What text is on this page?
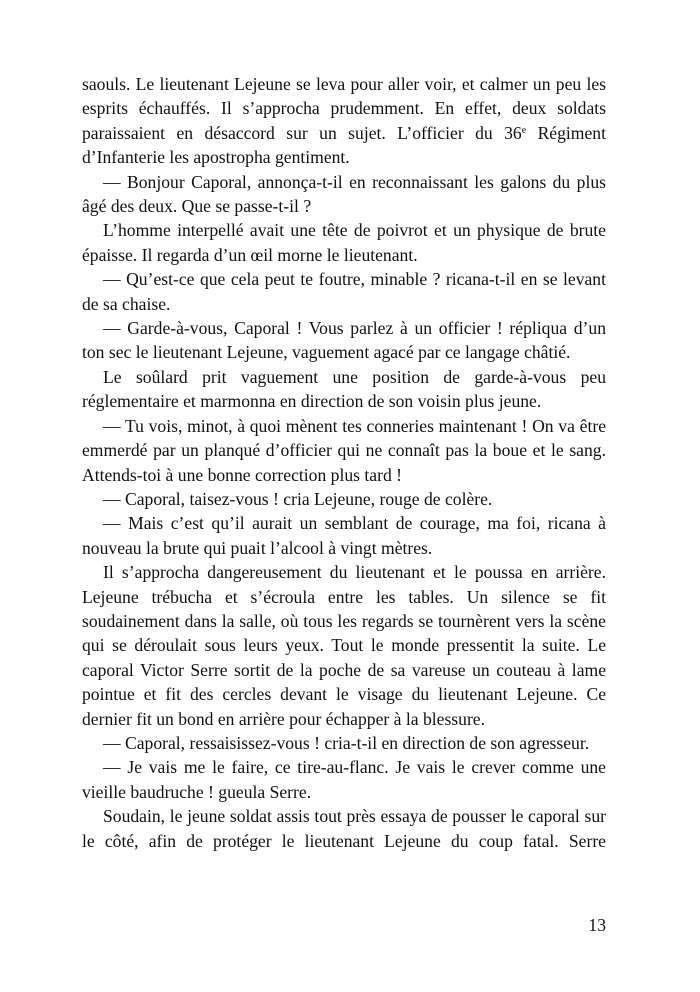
saouls. Le lieutenant Lejeune se leva pour aller voir, et calmer un peu les esprits échauffés. Il s’approcha prudemment. En effet, deux soldats paraissaient en désaccord sur un sujet. L’officier du 36e Régiment d’Infanterie les apostropha gentiment.

— Bonjour Caporal, annonça-t-il en reconnaissant les galons du plus âgé des deux. Que se passe-t-il ?

L’homme interpellé avait une tête de poivrot et un physique de brute épaisse. Il regarda d’un œil morne le lieutenant.

— Qu’est-ce que cela peut te foutre, minable ? ricana-t-il en se levant de sa chaise.

— Garde-à-vous, Caporal ! Vous parlez à un officier ! répliqua d’un ton sec le lieutenant Lejeune, vaguement agacé par ce langage châtié.

Le soûlard prit vaguement une position de garde-à-vous peu réglementaire et marmonna en direction de son voisin plus jeune.

— Tu vois, minot, à quoi mènent tes conneries maintenant ! On va être emmerdé par un planqué d’officier qui ne connaît pas la boue et le sang. Attends-toi à une bonne correction plus tard !

— Caporal, taisez-vous ! cria Lejeune, rouge de colère.

— Mais c’est qu’il aurait un semblant de courage, ma foi, ricana à nouveau la brute qui puait l’alcool à vingt mètres.

Il s’approcha dangereusement du lieutenant et le poussa en arrière. Lejeune trébucha et s’écroula entre les tables. Un silence se fit soudainement dans la salle, où tous les regards se tournèrent vers la scène qui se déroulait sous leurs yeux. Tout le monde pressentit la suite. Le caporal Victor Serre sortit de la poche de sa vareuse un couteau à lame pointue et fit des cercles devant le visage du lieutenant Lejeune. Ce dernier fit un bond en arrière pour échapper à la blessure.

— Caporal, ressaisissez-vous ! cria-t-il en direction de son agresseur.

— Je vais me le faire, ce tire-au-flanc. Je vais le crever comme une vieille baudruche ! gueula Serre.

Soudain, le jeune soldat assis tout près essaya de pousser le caporal sur le côté, afin de protéger le lieutenant Lejeune du coup fatal. Serre

13
